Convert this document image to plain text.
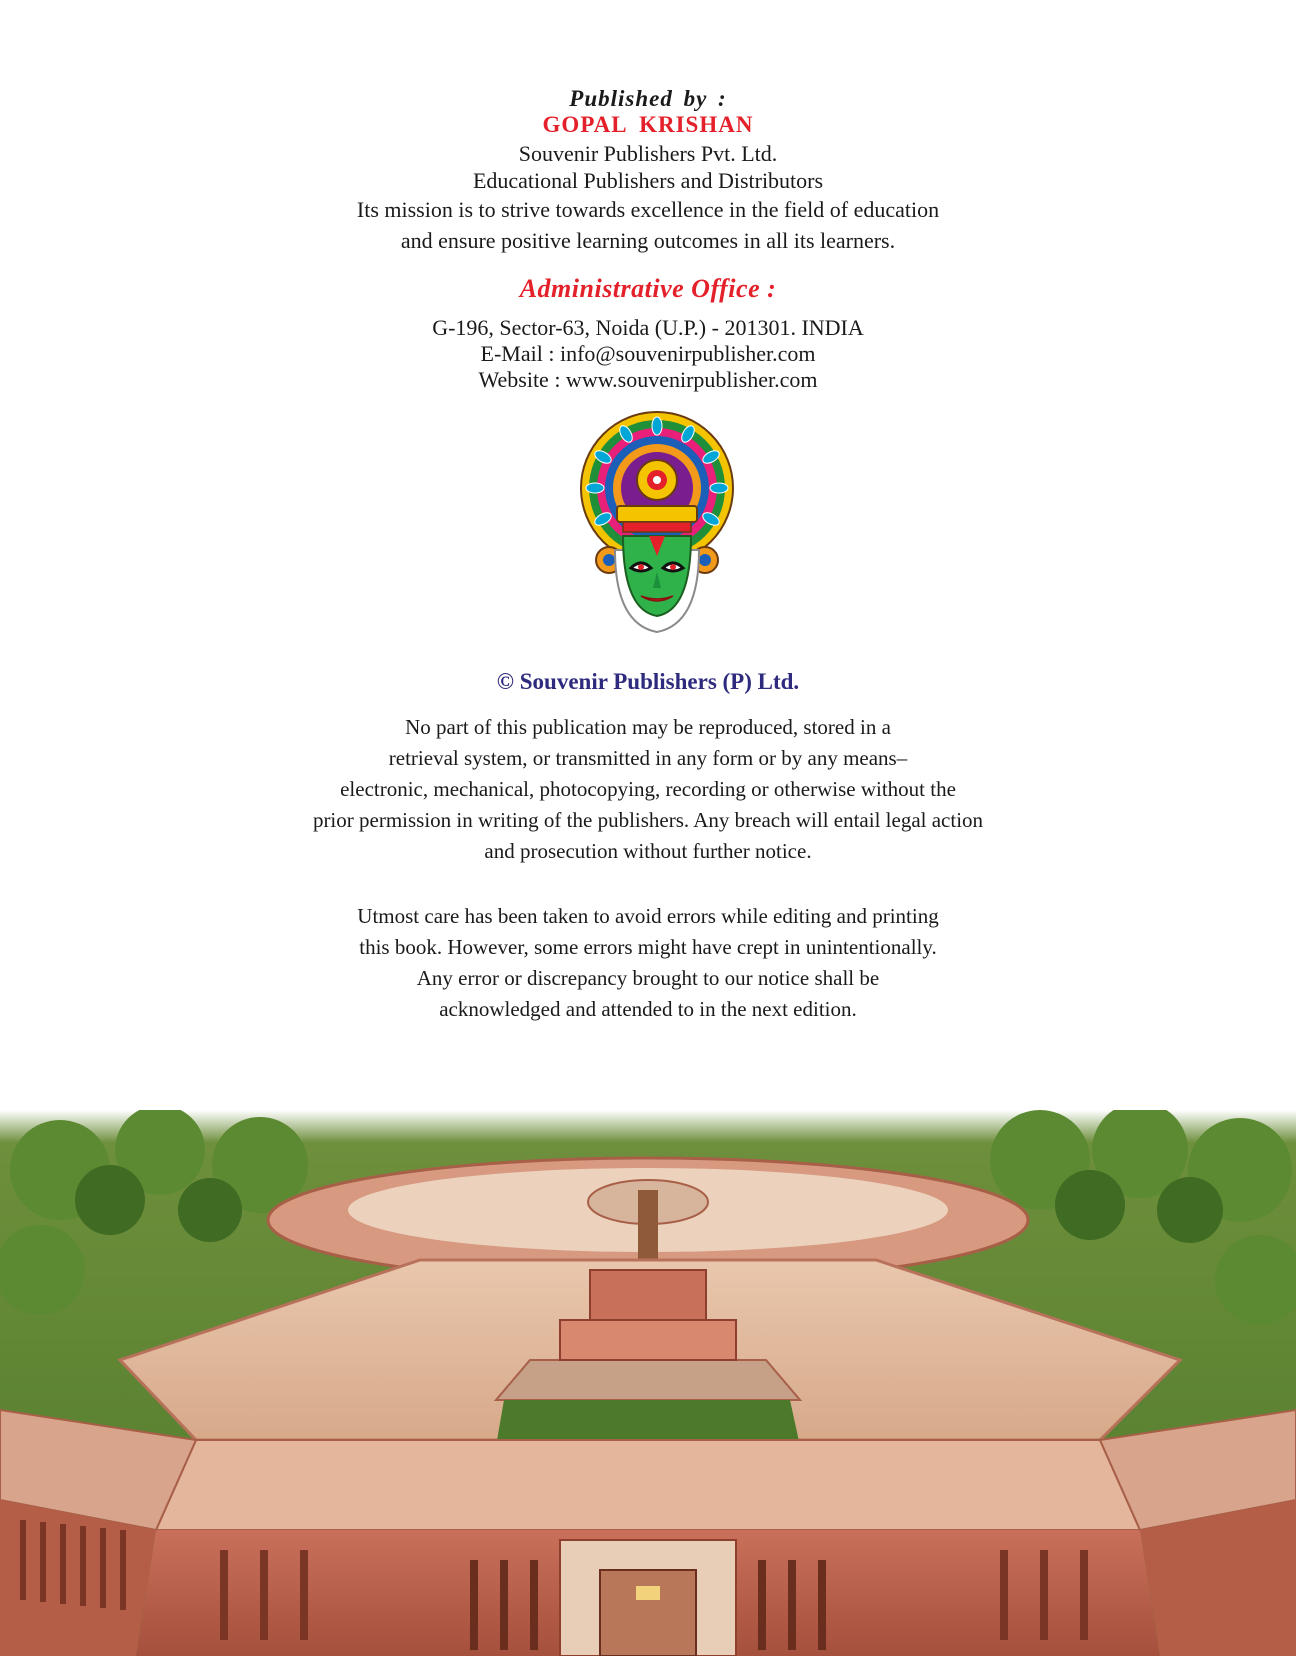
Published by :
GOPAL KRISHAN
Souvenir Publishers Pvt. Ltd.
Educational Publishers and Distributors
Its mission is to strive towards excellence in the field of education
and ensure positive learning outcomes in all its learners.
Administrative Office :
G-196, Sector-63, Noida (U.P.) - 201301. INDIA
E-Mail : info@souvenirpublisher.com
Website : www.souvenirpublisher.com
© Souvenir Publishers (P) Ltd.
No part of this publication may be reproduced, stored in a
retrieval system, or transmitted in any form or by any means–
electronic, mechanical, photocopying, recording or otherwise without the
prior permission in writing of the publishers. Any breach will entail legal action
and prosecution without further notice.
Utmost care has been taken to avoid errors while editing and printing
this book. However, some errors might have crept in unintentionally.
Any error or discrepancy brought to our notice shall be
acknowledged and attended to in the next edition.
